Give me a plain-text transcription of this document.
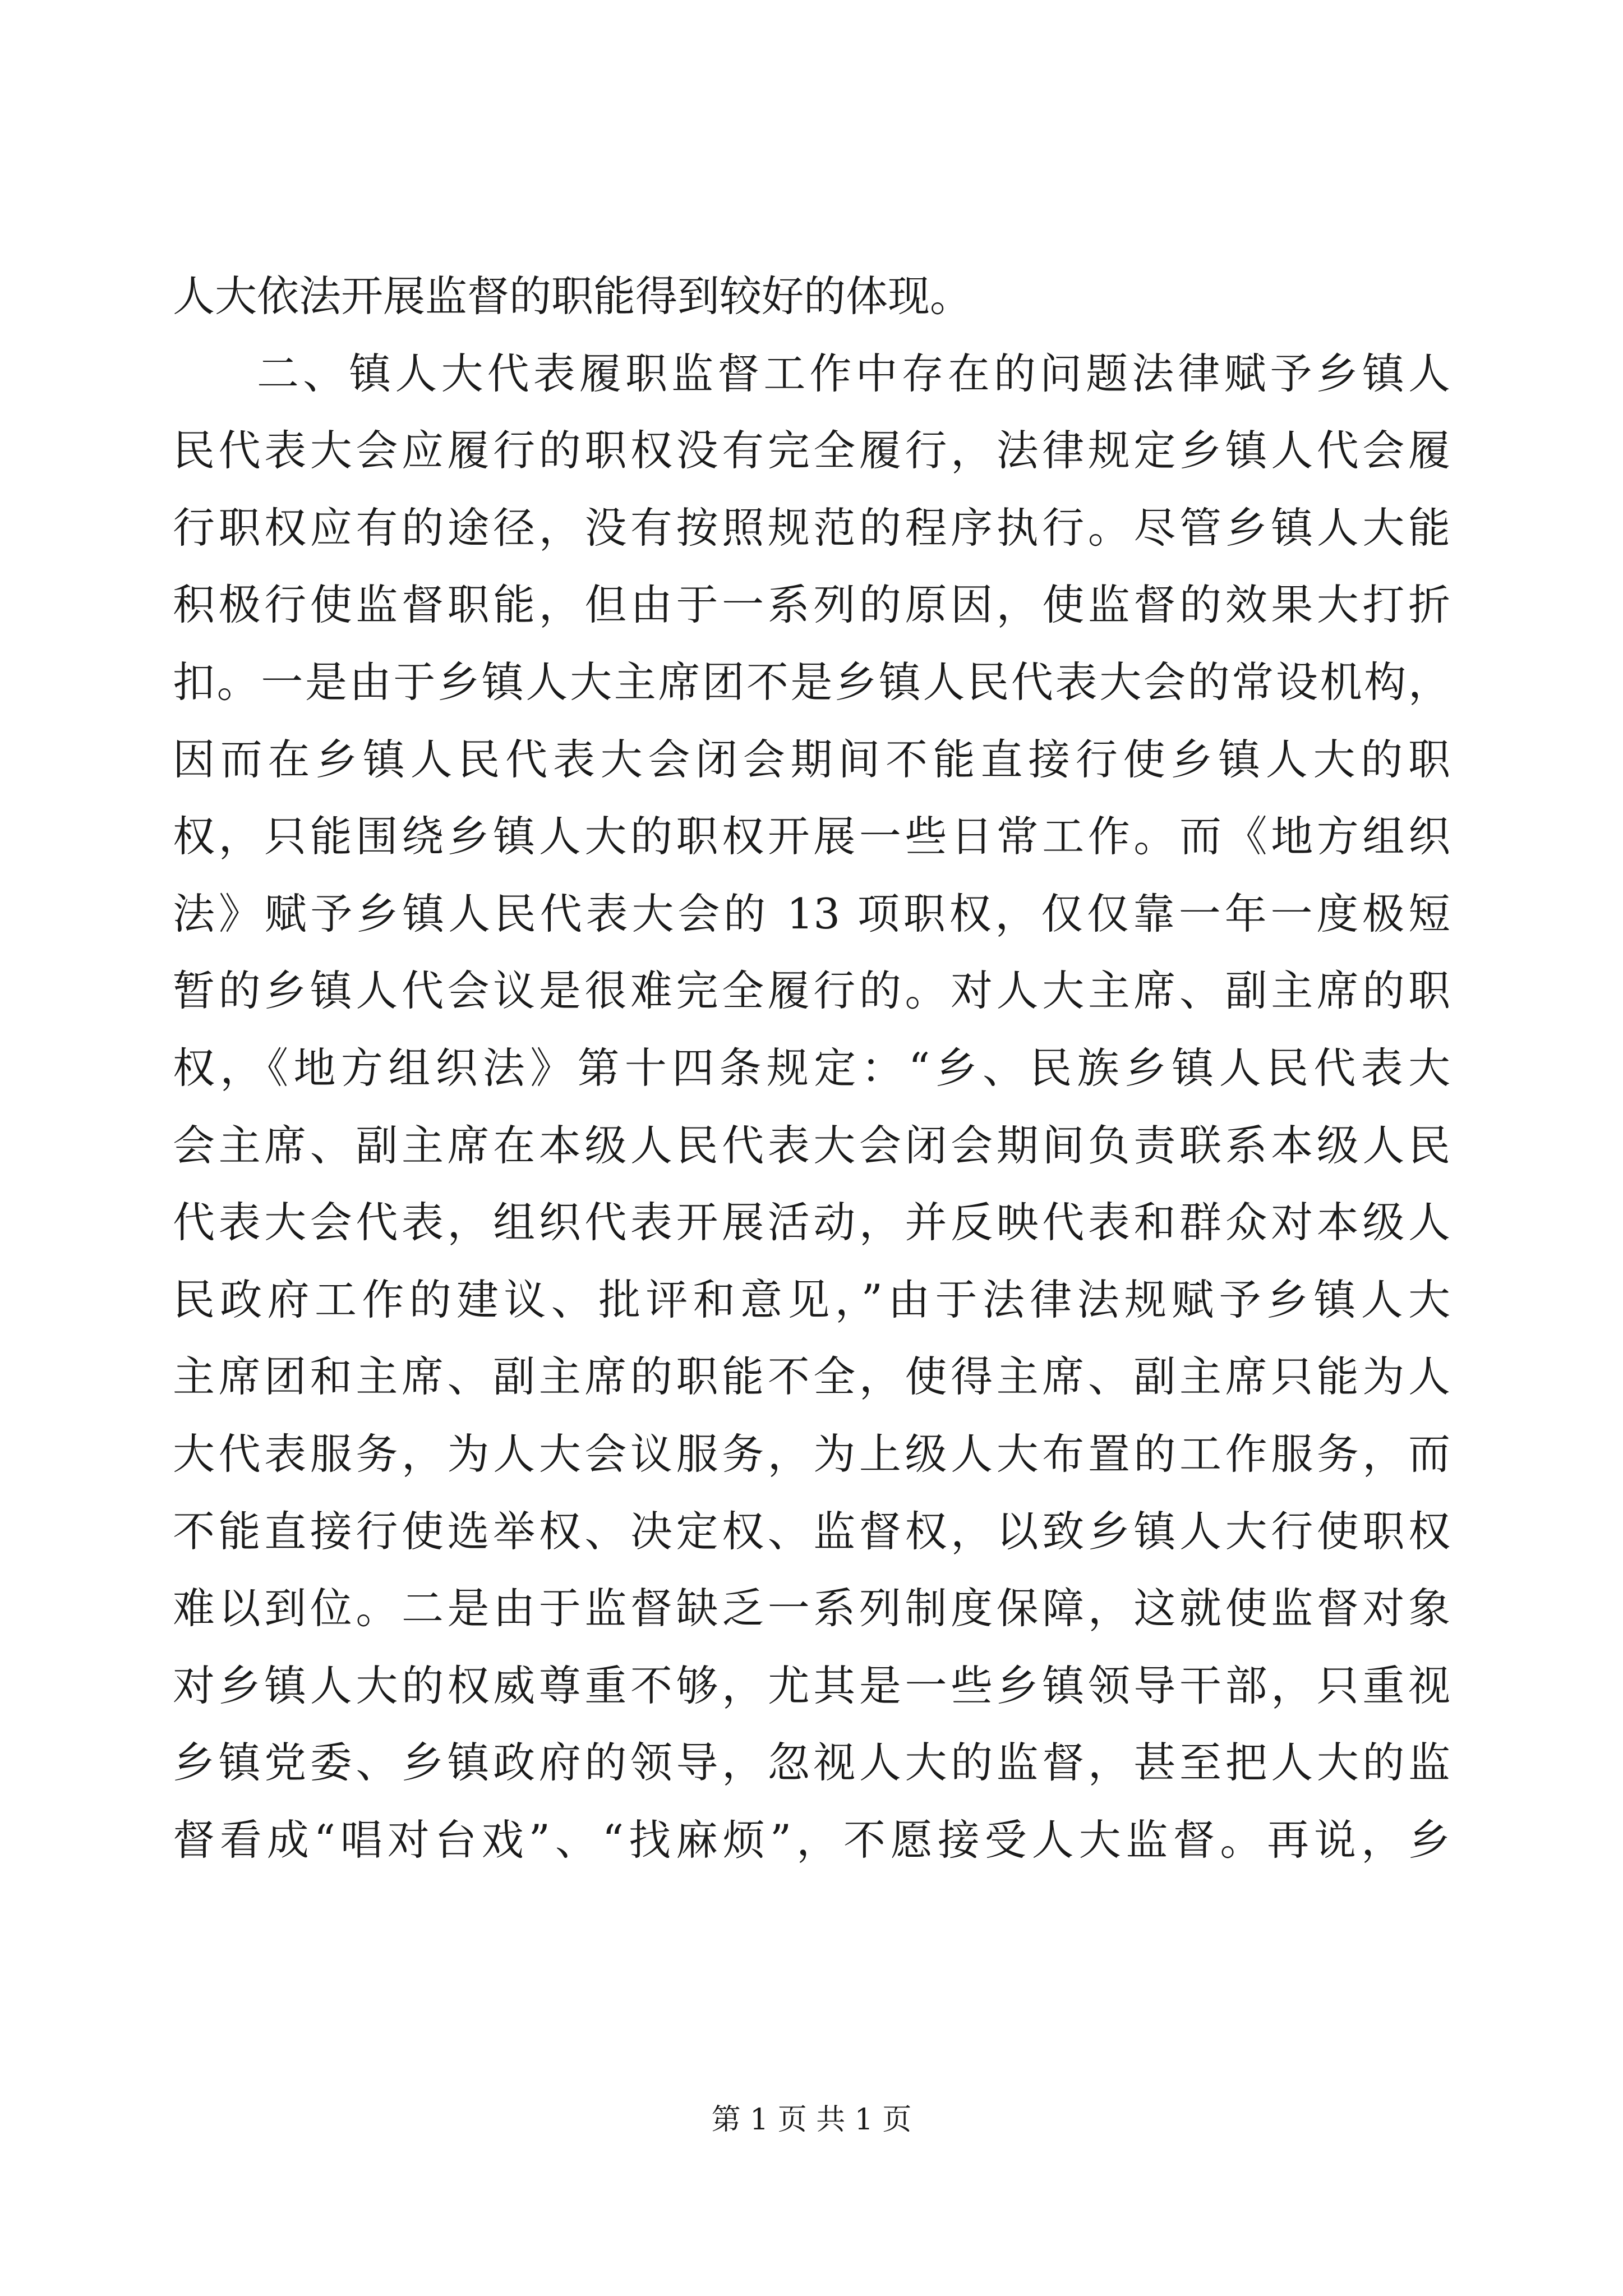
人大依法开展监督的职能得到较好的体现。
二、镇人大代表履职监督工作中存在的问题法律赋予乡镇人
民代表大会应履行的职权没有完全履行，法律规定乡镇人代会履
行职权应有的途径，没有按照规范的程序执行。尽管乡镇人大能
积极行使监督职能，但由于一系列的原因，使监督的效果大打折
扣。一是由于乡镇人大主席团不是乡镇人民代表大会的常设机构，
因而在乡镇人民代表大会闭会期间不能直接行使乡镇人大的职
权，只能围绕乡镇人大的职权开展一些日常工作。而《地方组织
法》赋予乡镇人民代表大会的 13 项职权，仅仅靠一年一度极短
暂的乡镇人代会议是很难完全履行的。对人大主席、副主席的职
权，《地方组织法》第十四条规定：“乡、民族乡镇人民代表大
会主席、副主席在本级人民代表大会闭会期间负责联系本级人民
代表大会代表，组织代表开展活动，并反映代表和群众对本级人
民政府工作的建议、批评和意见，”由于法律法规赋予乡镇人大
主席团和主席、副主席的职能不全，使得主席、副主席只能为人
大代表服务，为人大会议服务，为上级人大布置的工作服务，而
不能直接行使选举权、决定权、监督权，以致乡镇人大行使职权
难以到位。二是由于监督缺乏一系列制度保障，这就使监督对象
对乡镇人大的权威尊重不够，尤其是一些乡镇领导干部，只重视
乡镇党委、乡镇政府的领导，忽视人大的监督，甚至把人大的监
督看成“唱对台戏”、“找麻烦”，不愿接受人大监督。再说，乡
第 1 页 共 1 页
